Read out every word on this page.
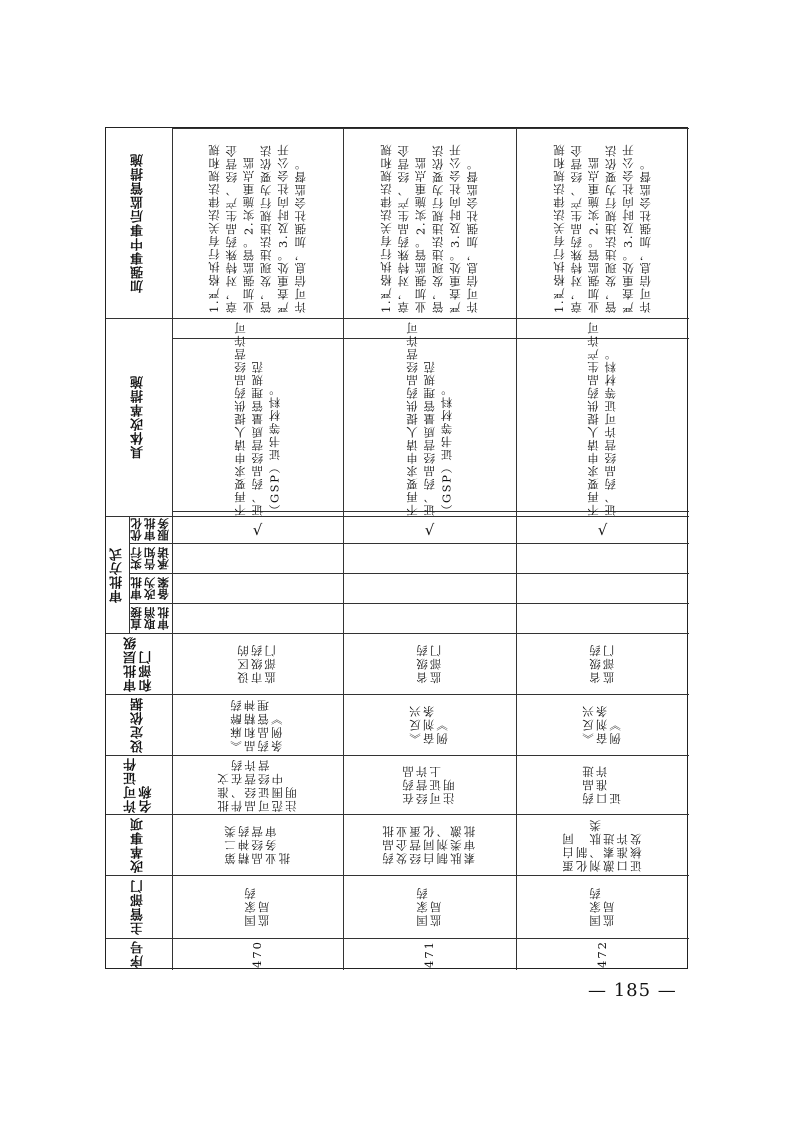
序号
主管部门
改革事项
许可证件
名称
设定依据
审批层级
和部门
审批方式
直接
取消
审批
审批
改为
备案
实行
告知
承诺
优化
审批
服务
具体改革措施
加强事中事后监管措施
470
国家药
监局
第二类
精神药
品经营
业务审
批
批准文
件、在药
品经营许
可证经营
范围中
注明
《麻醉药
品和精神
药品管理
条例》
设区的
市级药
监部门
√
不再要求申请人提供药品经营许可证、药品经营质量管理规范（GSP）证书等材料。
1.严格执行有关法律法规和规章，对特殊药品生产、经营企业加强监管。2.实施重点监管，发现违法违规行为要依法严查重处。3.及时向社会公开许可信息，加强社会监督。
471
国家药
监局
药品批
发企业
经营蛋
白同化
制剂、
肽类激
素审批
在药品
经营许
可证上
注明
《反兴
奋剂条
例》
省级药
监部门
√
不再要求申请人提供药品经营许可证、药品经营质量管理规范（GSP）证书等材料。
1.严格执行有关法律法规和规章，对特殊药品生产、经营企业加强监管。2.实施重点监管，发现违法违规行为要依法严查重处。3.及时向社会公开许可信息，加强社会监督。
472
国家药
监局
蛋白同
化制
剂、肽类
激素进
口准许
证核发
药品进
口准许
证
《反兴
奋剂条
例》
省级药
监部门
√
不再要求申请人提供药品生产许可证、药品经营许可证等材料。
1.严格执行有关法律法规和规章，对特殊药品生产、经营企业加强监管。2.实施重点监管，发现违法违规行为要依法严查重处。3.及时向社会公开许可信息，加强社会监督。
— 185 —
